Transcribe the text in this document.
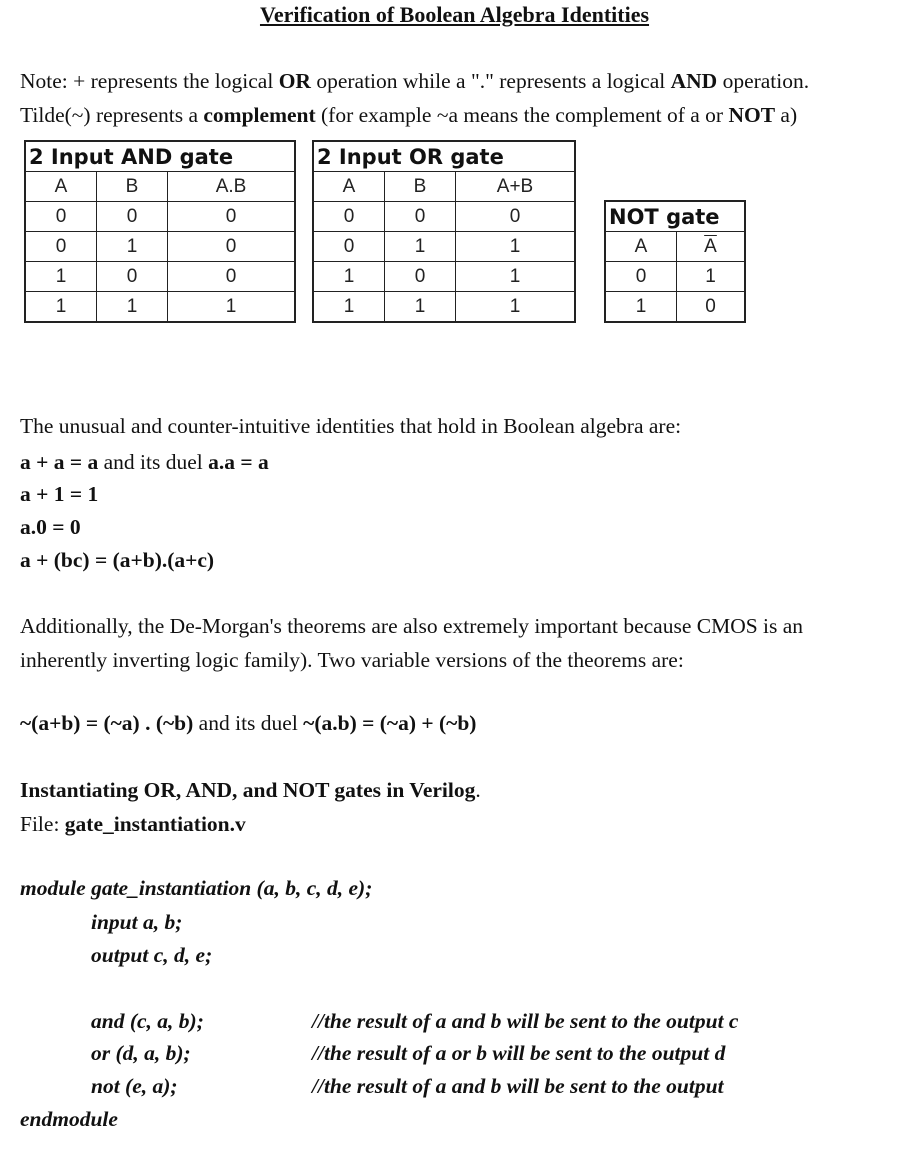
Verification of Boolean Algebra Identities
Note: + represents the logical OR operation while a "." represents a logical AND operation.
Tilde(~) represents a complement (for example ~a means the complement of a or NOT a)
2 Input AND gate		
A	B	A.B
0	0	0
0	1	0
1	0	0
1	1	1
2 Input OR gate		
A	B	A+B
0	0	0
0	1	1
1	0	1
1	1	1
NOT gate	
A	$\overline{A}$
0	1
1	0
The unusual and counter-intuitive identities that hold in Boolean algebra are:
a + a = a and its duel a.a = a
a + 1 = 1
a.0 = 0
a + (bc) = (a+b).(a+c)
Additionally, the De-Morgan's theorems are also extremely important because CMOS is an
inherently inverting logic family). Two variable versions of the theorems are:
~(a+b) = (~a) . (~b) and its duel ~(a.b) = (~a) + (~b)
Instantiating OR, AND, and NOT gates in Verilog.
File: gate_instantiation.v
module gate_instantiation (a, b, c, d, e);
input a, b;
output c, d, e;
and (c, a, b);	//the result of a and b will be sent to the output c
or (d, a, b);	//the result of a or b will be sent to the output d
not (e, a);	//the result of a and b will be sent to the output
endmodule
